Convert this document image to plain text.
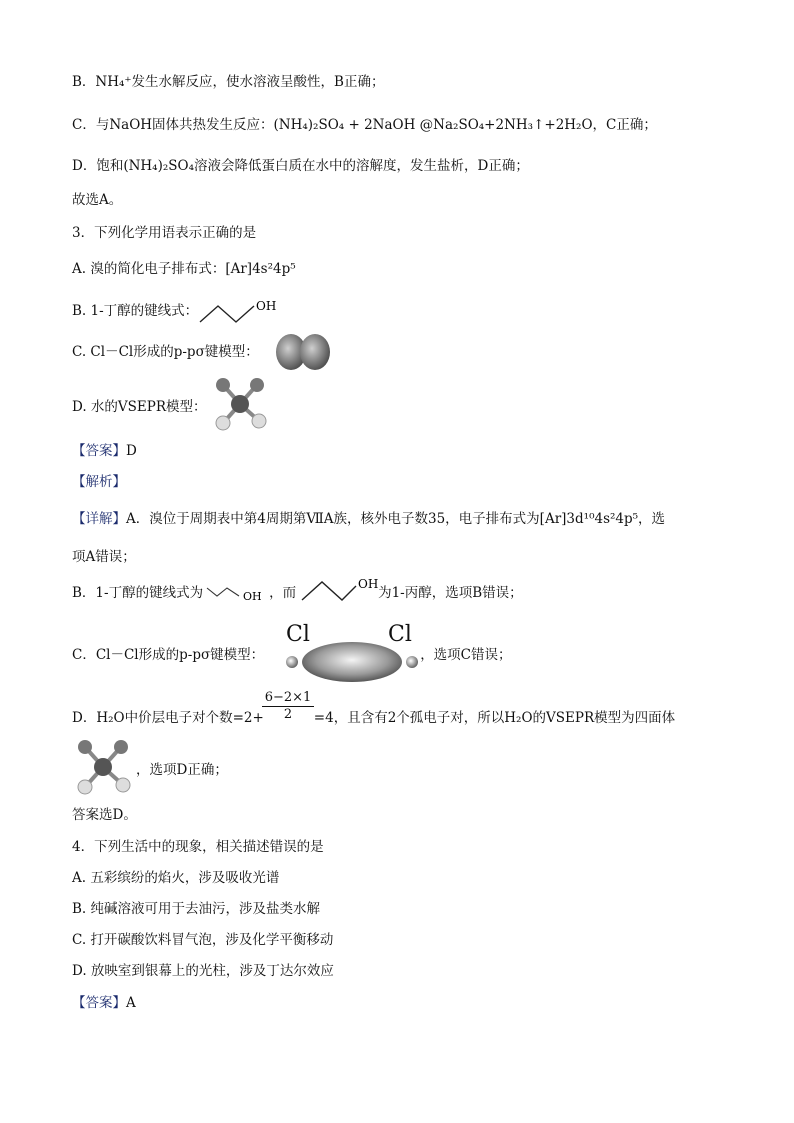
B．NH₄⁺发生水解反应，使水溶液呈酸性，B正确；
C．与NaOH固体共热发生反应：(NH₄)₂SO₄ + 2NaOH @Na₂SO₄+2NH₃↑+2H₂O，C正确；
D．饱和(NH₄)₂SO₄溶液会降低蛋白质在水中的溶解度，发生盐析，D正确；
故选A。
3．下列化学用语表示正确的是
A. 溴的简化电子排布式：[Ar]4s²4p⁵
B. 1-丁醇的键线式：	OH
C. Cl－Cl形成的p-pσ键模型：
D. 水的VSEPR模型：
【答案】D
【解析】
【详解】A．溴位于周期表中第4周期第ⅦA族，核外电子数35，电子排布式为[Ar]3d¹⁰4s²4p⁵，选
项A错误；
B．1-丁醇的键线式为	，而	为1-丙醇，选项B错误；
OH
OH
C．Cl－Cl形成的p-pσ键模型：	，选项C错误；
Cl	Cl
D．H₂O中价层电子对个数=2+	=4，且含有2个孤电子对，所以H₂O的VSEPR模型为四面体
$\frac{6-2\times 1}{2}$
，选项D正确；
答案选D。
4．下列生活中的现象，相关描述错误的是
A. 五彩缤纷的焰火，涉及吸收光谱
B. 纯碱溶液可用于去油污，涉及盐类水解
C. 打开碳酸饮料冒气泡，涉及化学平衡移动
D. 放映室到银幕上的光柱，涉及丁达尔效应
【答案】A
